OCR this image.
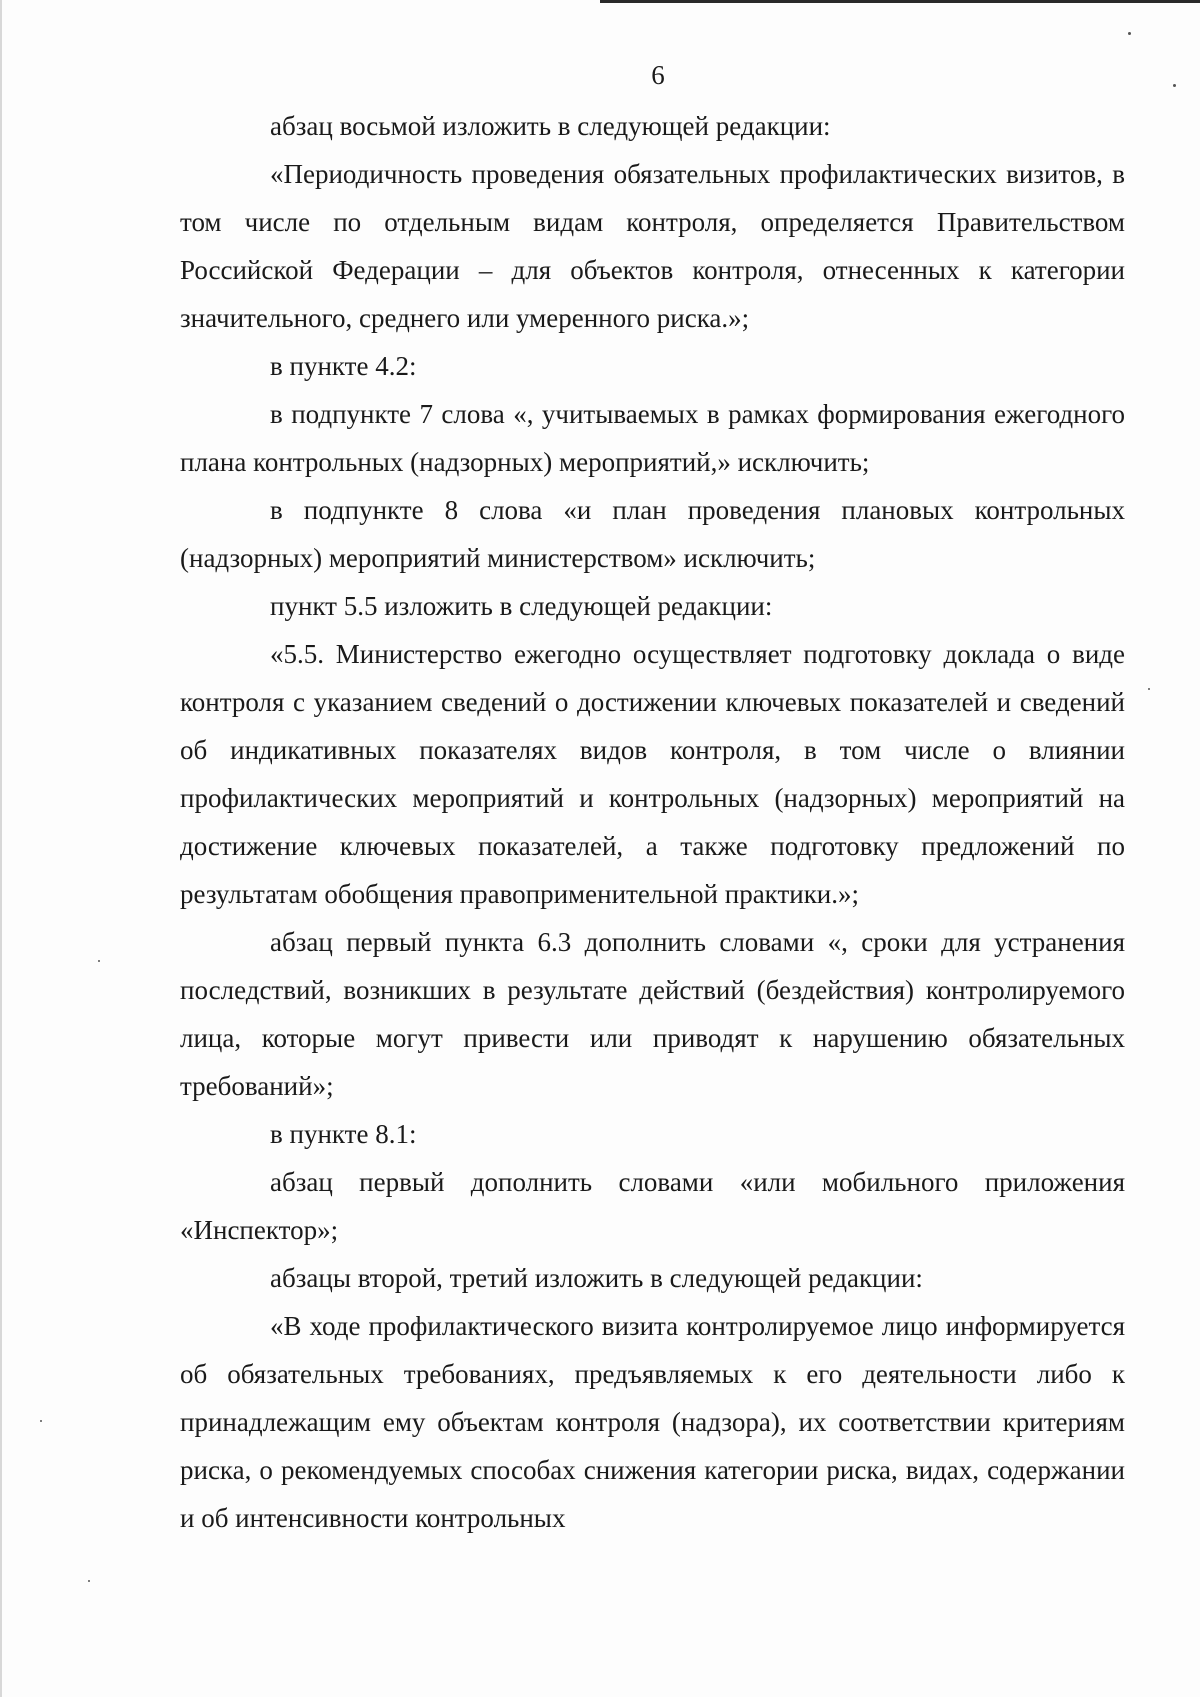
6

абзац восьмой изложить в следующей редакции:

«Периодичность проведения обязательных профилактических визитов, в том числе по отдельным видам контроля, определяется Правительством Российской Федерации – для объектов контроля, отнесенных к категории значительного, среднего или умеренного риска.»;

в пункте 4.2:

в подпункте 7 слова «, учитываемых в рамках формирования ежегодного плана контрольных (надзорных) мероприятий,» исключить;

в подпункте 8 слова «и план проведения плановых контрольных (надзорных) мероприятий министерством» исключить;

пункт 5.5 изложить в следующей редакции:

«5.5. Министерство ежегодно осуществляет подготовку доклада о виде контроля с указанием сведений о достижении ключевых показателей и сведений об индикативных показателях видов контроля, в том числе о влиянии профилактических мероприятий и контрольных (надзорных) мероприятий на достижение ключевых показателей, а также подготовку предложений по результатам обобщения правоприменительной практики.»;

абзац первый пункта 6.3 дополнить словами «, сроки для устранения последствий, возникших в результате действий (бездействия) контролируемого лица, которые могут привести или приводят к нарушению обязательных требований»;

в пункте 8.1:

абзац первый дополнить словами «или мобильного приложения «Инспектор»;

абзацы второй, третий изложить в следующей редакции:

«В ходе профилактического визита контролируемое лицо информируется об обязательных требованиях, предъявляемых к его деятельности либо к принадлежащим ему объектам контроля (надзора), их соответствии критериям риска, о рекомендуемых способах снижения категории риска, видах, содержании и об интенсивности контрольных
